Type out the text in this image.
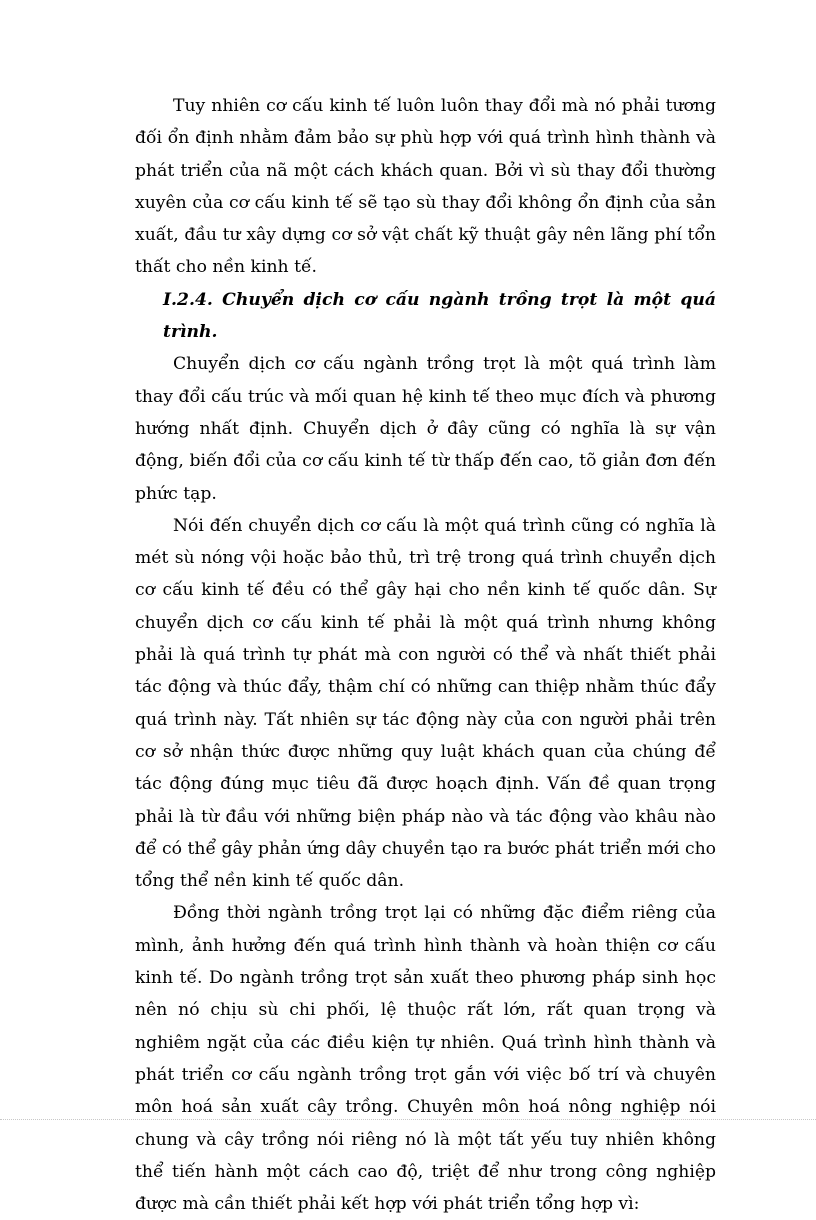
Tuy nhiên cơ cấu kinh tế luôn luôn thay đổi mà nó phải tương đối ổn định nhằm đảm bảo sự phù hợp với quá trình hình thành và phát triển của nã một cách khách quan. Bởi vì sù thay đổi thường xuyên của cơ cấu kinh tế sẽ tạo sù thay đổi không ổn định của sản xuất, đầu tư xây dựng cơ sở vật chất kỹ thuật gây nên lãng phí tổn thất cho nền kinh tế.

I.2.4. Chuyển dịch cơ cấu ngành trồng trọt là một quá trình.

Chuyển dịch cơ cấu ngành trồng trọt là một quá trình làm thay đổi cấu trúc và mối quan hệ kinh tế theo mục đích và phương hướng nhất định. Chuyển dịch ở đây cũng có nghĩa là sự vận động, biến đổi của cơ cấu kinh tế từ thấp đến cao, tõ giản đơn đến phức tạp.

Nói đến chuyển dịch cơ cấu là một quá trình cũng có nghĩa là mét sù nóng vội hoặc bảo thủ, trì trệ trong quá trình chuyển dịch cơ cấu kinh tế đều có thể gây hại cho nền kinh tế quốc dân. Sự chuyển dịch cơ cấu kinh tế phải là một quá trình nhưng không phải là quá trình tự phát mà con người có thể và nhất thiết phải tác động và thúc đẩy, thậm chí có những can thiệp nhằm thúc đẩy quá trình này. Tất nhiên sự tác động này của con người phải trên cơ sở nhận thức được những quy luật khách quan của chúng để tác động đúng mục tiêu đã được hoạch định. Vấn đề quan trọng phải là từ đầu với những biện pháp nào và tác động vào khâu nào để có thể gây phản ứng dây chuyền tạo ra bước phát triển mới cho tổng thể nền kinh tế quốc dân.

Đồng thời ngành trồng trọt lại có những đặc điểm riêng của mình, ảnh hưởng đến quá trình hình thành và hoàn thiện cơ cấu kinh tế. Do ngành trồng trọt sản xuất theo phương pháp sinh học nên nó chịu sù chi phối, lệ thuộc rất lớn, rất quan trọng và nghiêm ngặt của các điều kiện tự nhiên. Quá trình hình thành và phát triển cơ cấu ngành trồng trọt gắn với việc bố trí và chuyên môn hoá sản xuất cây trồng. Chuyên môn hoá nông nghiệp nói chung và cây trồng nói riêng nó là một tất yếu tuy nhiên không thể tiến hành một cách cao độ, triệt để như trong công nghiệp được mà cần thiết phải kết hợp với phát triển tổng hợp vì:
